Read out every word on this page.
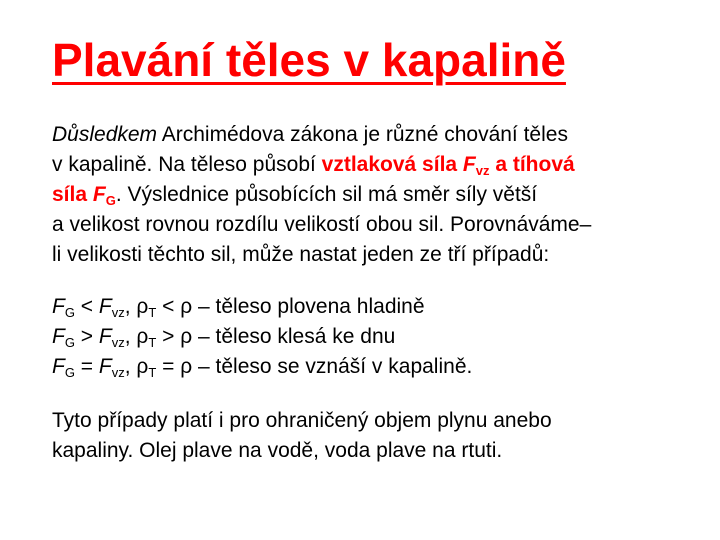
Plavání těles v kapalině

Důsledkem Archimédova zákona je různé chování těles
v kapalině. Na těleso působí vztlaková síla $F_{vz}$ a tíhová
síla $F_G$. Výslednice působících sil má směr síly větší
a velikost rovnou rozdílu velikostí obou sil. Porovnáváme–
li velikosti těchto sil, může nastat jeden ze tří případů:

$F_G < F_{vz}$, $\rho_T < \rho$ – těleso plovena hladině
$F_G > F_{vz}$, $\rho_T > \rho$ – těleso klesá ke dnu
$F_G = F_{vz}$, $\rho_T = \rho$ – těleso se vznáší v kapalině.

Tyto případy platí i pro ohraničený objem plynu anebo
kapaliny. Olej plave na vodě, voda plave na rtuti.
